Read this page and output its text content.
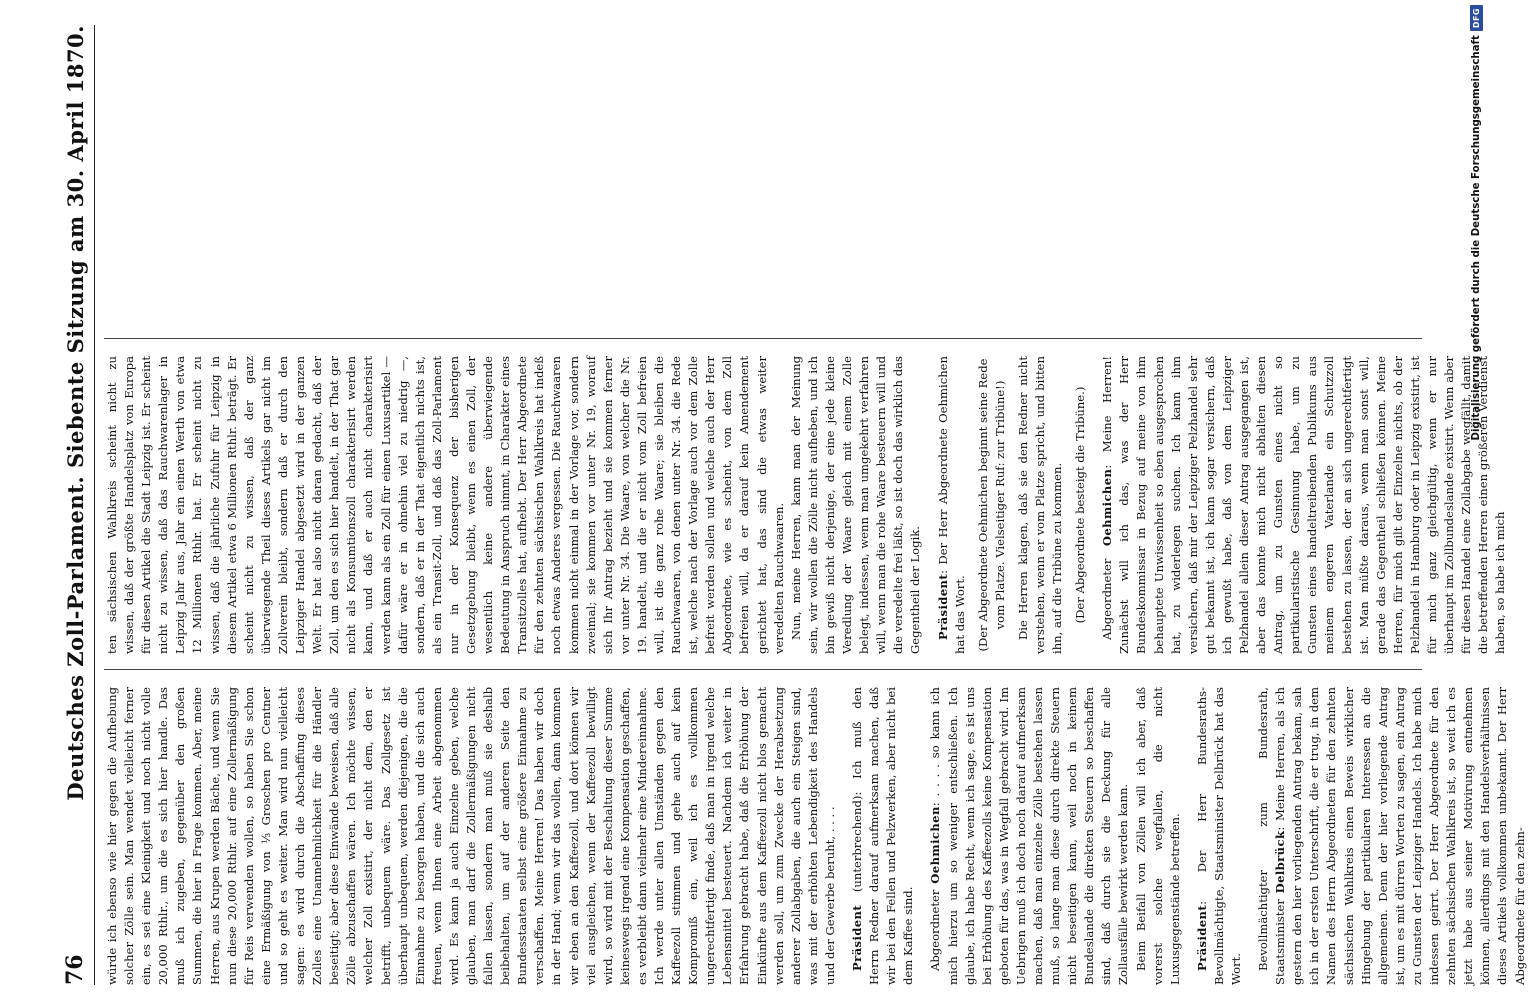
76
Deutsches Zoll-Parlament. Siebente Sitzung am 30. April 1870.

würde ich ebenso wie hier gegen die Aufhebung solcher Zölle sein. Man wendet vielleicht ferner ein, es sei eine Kleinigkeit und noch nicht volle 20,000 Rthlr., um die es sich hier handle. Das muß ich zugeben, gegenüber den großen Summen, die hier in Frage kommen. Aber, meine Herren, aus Krupen werden Bäche, und wenn Sie nun diese 20,000 Rthlr. auf eine Zollermäßigung für Reis verwenden wollen, so haben Sie schon eine Ermäßigung von ⅓ Groschen pro Centner und so geht es weiter. Man wird nun vielleicht sagen: es wird durch die Abschaffung dieses Zolles eine Unannehmlichkeit für die Händler beseitigt; aber diese Einwände beweisen, daß alle Zölle abzuschaffen wären. Ich möchte wissen, welcher Zoll existirt, der nicht dem, den er betrifft, unbequem wäre. Das Zollgesetz ist überhaupt unbequem, werden diejenigen, die die Einnahme zu besorgen haben, und die sich auch freuen, wenn Ihnen eine Arbeit abgenommen wird. Es kann ja auch Einzelne geben, welche glauben, man darf die Zollermäßigungen nicht fallen lassen, sondern man muß sie deshalb beibehalten, um auf der anderen Seite den Bundesstaaten selbst eine größere Einnahme zu verschaffen. Meine Herren! Das haben wir doch in der Hand; wenn wir das wollen, dann kommen wir eben an den Kaffeezoll, und dort können wir viel ausgleichen, wenn der Kaffeezoll bewilligt wird, so wird mit der Beschaltung dieser Summe keineswegs irgend eine Kompensation geschaffen, es verbleibt dann vielmehr eine Mindereinnahme. Ich werde unter allen Umständen gegen den Kaffeezoll stimmen und gehe auch auf kein Kompromiß ein, weil ich es vollkommen ungerechtfertigt finde, daß man in irgend welche Lebensmittel besteuert. Nachdem ich weiter in Erfahrung gebracht habe, daß die Erhöhung der Einkünfte aus dem Kaffeezoll nicht blos gemacht werden soll, um zum Zwecke der Herabsetzung anderer Zollabgaben, die auch ein Steigen sind, was mit der erhöhten Lebendigkeit des Handels und der Gewerbe beruht, . . . . Präsident (unterbrechend): Ich muß den Herrn Redner darauf aufmerksam machen, daß wir bei den Fellen und Pelzwerken, aber nicht bei dem Kaffee sind. Abgeordneter Oehmichen: . . . . so kann ich mich hierzu um so weniger entschließen. Ich glaube, ich habe Recht, wenn ich sage, es ist uns bei Erhöhung des Kaffeezolls keine Kompensation geboten für das, was in Wegfall gebracht wird. Im Uebrigen muß ich doch noch darauf aufmerksam machen, daß man einzelne Zölle bestehen lassen muß, so lange man diese durch direkte Steuern nicht beseitigen kann, weil noch in keinem Bundeslande die direkten Steuern so beschaffen sind, daß durch sie die Deckung für alle Zollausfälle bewirkt werden kann. Beim Beifall von Zöllen will ich aber, daß vorerst solche wegfallen, die nicht Luxusgegenstände betreffen. Präsident: Der Herr Bundesraths-Bevollmächtigte, Staatsminister Delbrück hat das Wort. Bevollmächtigter zum Bundesrath, Staatsminister Delbrück: Meine Herren, als ich gestern den hier vorliegenden Antrag bekam, sah ich in der ersten Unterschrift, die er trug, in dem Namen des Herrn Abgeordneten für den zehnten sächsischen Wahlkreis einen Beweis wirklicher Hingebung der partikularen Interessen an die allgemeinen. Denn der hier vorliegende Antrag ist, um es mit dürren Worten zu sagen, ein Antrag zu Gunsten der Leipziger Handels. Ich habe mich indessen geirrt. Der Herr Abgeordnete für den zehnten sächsischen Wahlkreis ist, so weit ich es jetzt habe aus seiner Motivirung entnehmen können, allerdings mit den Handelsverhältnissen dieses Artikels vollkommen unbekannt. Der Herr Abgeordnete für den zehn-

ten sächsischen Wahlkreis scheint nicht zu wissen, daß der größte Handelsplatz von Europa für diesen Artikel die Stadt Leipzig ist. Er scheint nicht zu wissen, daß das Rauchwarenlager in Leipzig Jahr aus, Jahr ein einen Werth von etwa 12 Millionen Rthlr. hat. Er scheint nicht zu wissen, daß die jährliche Zufuhr für Leipzig in diesem Artikel etwa 6 Millionen Rthlr. beträgt. Er scheint nicht zu wissen, daß der ganz überwiegende Theil dieses Artikels gar nicht im Zollverein bleibt, sondern daß er durch den Leipziger Handel abgesetzt wird in der ganzen Welt. Er hat also nicht daran gedacht, daß der Zoll, um den es sich hier handelt, in der That gar nicht als Konsumtionszoll charakterisirt werden kann, und daß er auch nicht charakterisirt werden kann als ein Zoll für einen Luxusartikel — dafür wäre er in ohnehin viel zu niedrig —, sondern, daß er in der That eigentlich nichts ist, als ein Transit-Zoll, und daß das Zoll-Parlament nur in der Konsequenz der bisherigen Gesetzgebung bleibt, wenn es einen Zoll, der wesentlich keine andere überwiegende Bedeutung in Anspruch nimmt, in Charakter eines Transitzolles hat, aufhebt. Der Herr Abgeordnete für den zehnten sächsischen Wahlkreis hat indeß noch etwas Anderes vergessen. Die Rauchwaaren kommen nicht einmal in der Vorlage vor, sondern zweimal; sie kommen vor unter Nr. 19, worauf sich Ihr Antrag bezieht und sie kommen ferner vor unter Nr. 34. Die Waare, von welcher die Nr. 19. handelt, und die er nicht vom Zoll befreien will, ist die ganz rohe Waare; sie bleiben die Rauchwaaren, von denen unter Nr. 34. die Rede ist, welche nach der Vorlage auch vor dem Zolle befreit werden sollen und welche auch der Herr Abgeordnete, wie es scheint, von dem Zoll befreien will, da er darauf kein Amendement gerichtet hat, das sind die etwas weiter veredelten Rauchwaaren. Nun, meine Herren, kann man der Meinung sein, wir wollen die Zölle nicht aufheben, und ich bin gewiß nicht derjenige, der eine jede kleine Veredlung der Waare gleich mit einem Zolle belegt, indessen, wenn man umgekehrt verfahren will, wenn man die rohe Waare besteuern will und die veredelte frei läßt, so ist doch das wirklich das Gegentheil der Logik. Präsident: Der Herr Abgeordnete Oehmichen hat das Wort. (Der Abgeordnete Oehmichen beginnt seine Rede vom Platze. Vielseitiger Ruf: zur Tribüne!) Die Herren klagen, daß sie den Redner nicht verstehen, wenn er vom Platze spricht, und bitten ihn, auf die Tribüne zu kommen. (Der Abgeordnete besteigt die Tribüne.) Abgeordneter Oehmichen: Meine Herren! Zunächst will ich das, was der Herr Bundeskommissar in Bezug auf meine von ihm behauptete Unwissenheit so eben ausgesprochen hat, zu widerlegen suchen. Ich kann ihm versichern, daß mir der Leipziger Pelzhandel sehr gut bekannt ist, ich kann sogar versichern, daß ich gewußt habe, daß von dem Leipziger Pelzhandel allein dieser Antrag ausgegangen ist, aber das konnte mich nicht abhalten diesen Antrag, um zu Gunsten eines nicht so partikularistische Gesinnung habe, um zu Gunsten eines handeltreibenden Publikums aus meinem engeren Vaterlande ein Schutzzoll bestehen zu lassen, der an sich ungerechtfertigt ist. Man müßte daraus, wenn man sonst will, gerade das Gegentheil schließen können. Meine Herren, für mich gilt der Einzelne nichts, ob der Pelzhandel in Hamburg oder in Leipzig existirt, ist für mich ganz gleichgültig, wenn er nur überhaupt im Zollbundeslande existirt. Wenn aber für diesen Handel eine Zollabgabe wegfällt, damit die betreffenden Herren einen größeren Verdienst haben, so habe ich mich

Digitalisierung gefördert durch die Deutsche Forschungsgemeinschaft
DFG
